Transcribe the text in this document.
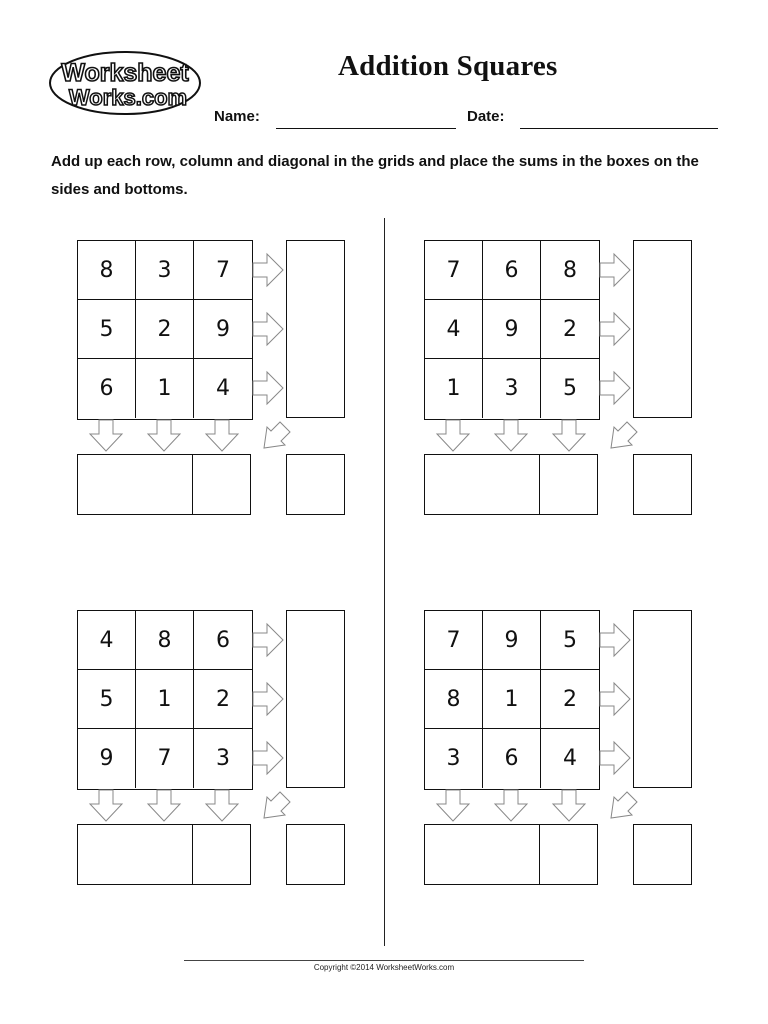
Worksheet
Works.com
Addition Squares
Name:	Date:
Add up each row, column and diagonal in the grids and place the sums in the boxes on the sides and bottoms.
8	3	7
5	2	9
6	1	4
7	6	8
4	9	2
1	3	5
4	8	6
5	1	2
9	7	3
7	9	5
8	1	2
3	6	4
Copyright ©2014 WorksheetWorks.com
